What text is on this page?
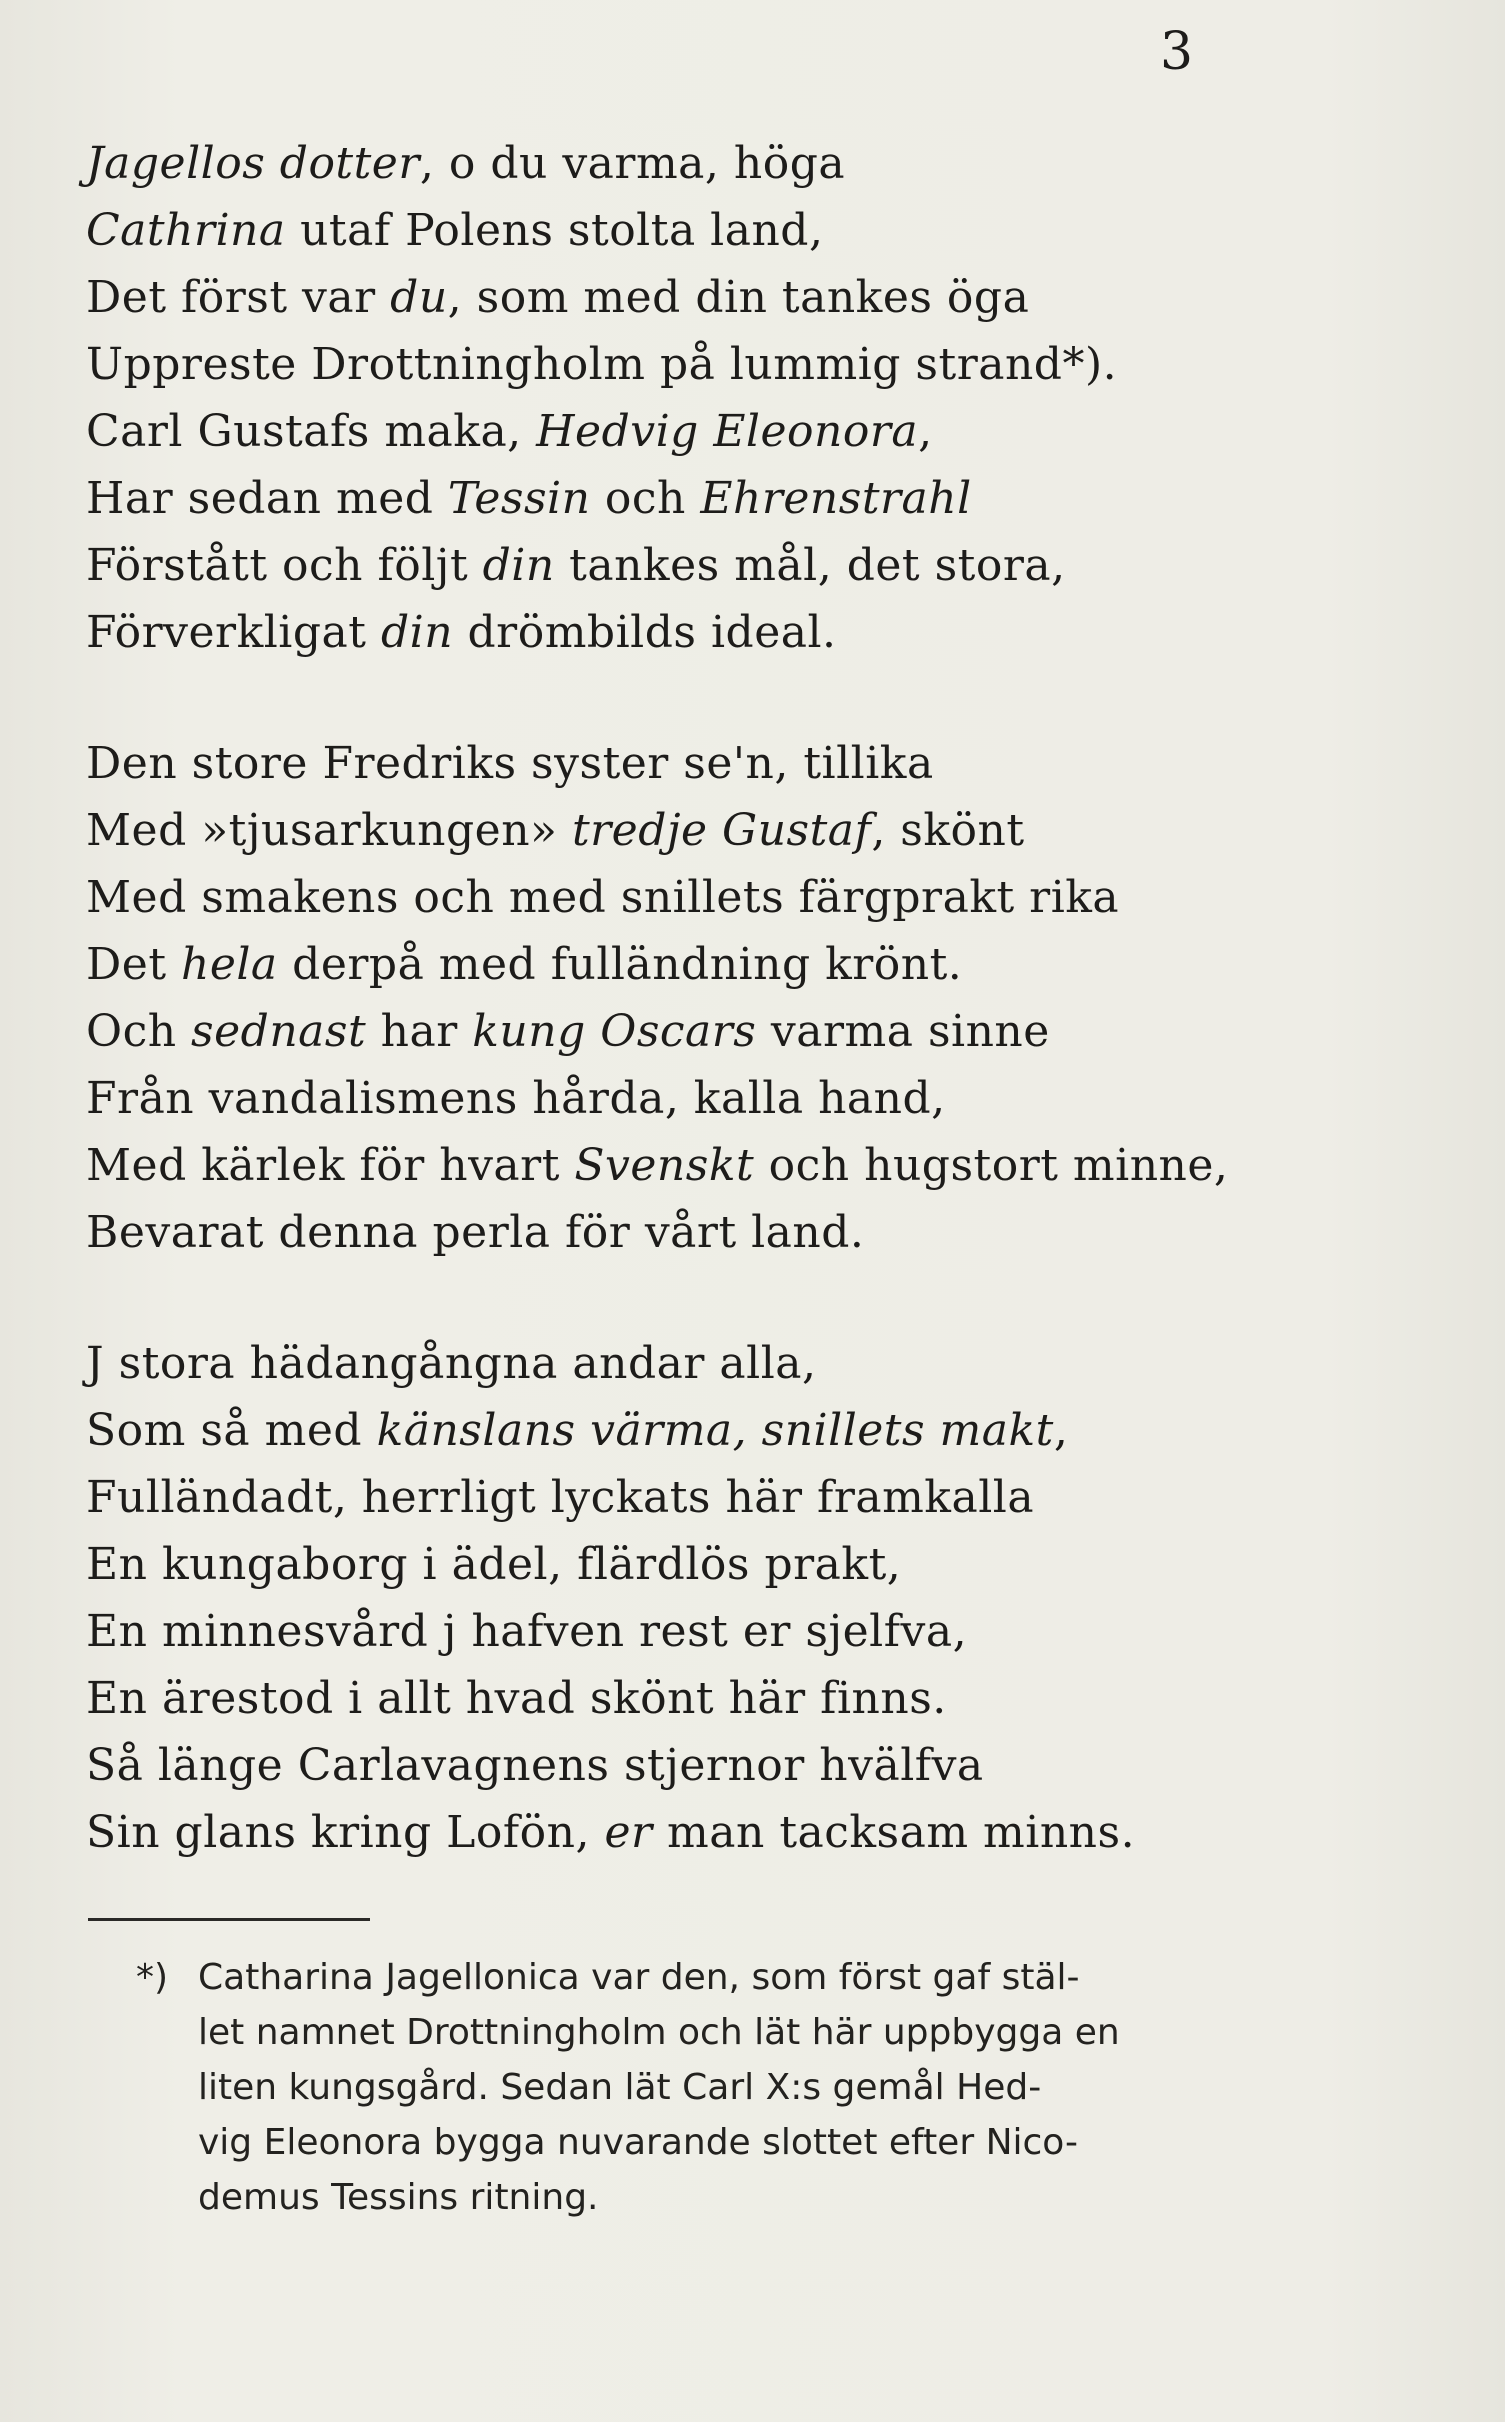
3
Jagellos dotter, o du varma, höga
Cathrina utaf Polens stolta land,
Det först var du, som med din tankes öga
Uppreste Drottningholm på lummig strand*).
Carl Gustafs maka, Hedvig Eleonora,
Har sedan med Tessin och Ehrenstrahl
Förstått och följt din tankes mål, det stora,
Förverkligat din drömbilds ideal.
Den store Fredriks syster se'n, tillika
Med »tjusarkungen» tredje Gustaf, skönt
Med smakens och med snillets färgprakt rika
Det hela derpå med fulländning krönt.
Och sednast har kung Oscars varma sinne
Från vandalismens hårda, kalla hand,
Med kärlek för hvart Svenskt och hugstort minne,
Bevarat denna perla för vårt land.
J stora hädangångna andar alla,
Som så med känslans värma, snillets makt,
Fulländadt, herrligt lyckats här framkalla
En kungaborg i ädel, flärdlös prakt,
En minnesvård j hafven rest er sjelfva,
En ärestod i allt hvad skönt här finns.
Så länge Carlavagnens stjernor hvälfva
Sin glans kring Lofön, er man tacksam minns.
*) Catharina Jagellonica var den, som först gaf stäl-
let namnet Drottningholm och lät här uppbygga en
liten kungsgård. Sedan lät Carl X:s gemål Hed-
vig Eleonora bygga nuvarande slottet efter Nico-
demus Tessins ritning.
